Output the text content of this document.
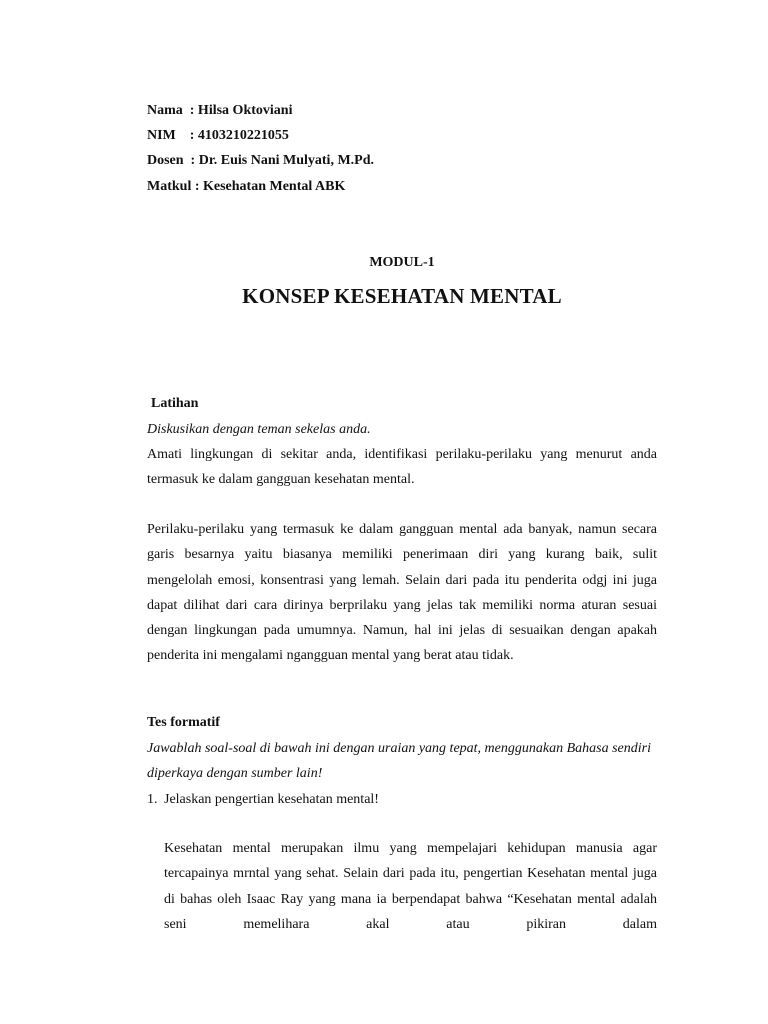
Nama  : Hilsa Oktoviani

NIM    : 4103210221055

Dosen  : Dr. Euis Nani Mulyati, M.Pd.

Matkul : Kesehatan Mental ABK

MODUL-1

KONSEP KESEHATAN MENTAL

Latihan

Diskusikan dengan teman sekelas anda.

Amati lingkungan di sekitar anda, identifikasi perilaku-perilaku yang menurut anda termasuk ke dalam gangguan kesehatan mental.

Perilaku-perilaku yang termasuk ke dalam gangguan mental ada banyak, namun secara garis besarnya yaitu biasanya memiliki penerimaan diri yang kurang baik, sulit mengelolah emosi, konsentrasi yang lemah. Selain dari pada itu penderita odgj ini juga dapat dilihat dari cara dirinya berprilaku yang jelas tak memiliki norma aturan sesuai dengan lingkungan pada umumnya. Namun, hal ini jelas di sesuaikan dengan apakah penderita ini mengalami ngangguan mental yang berat atau tidak.

Tes formatif

Jawablah soal-soal di bawah ini dengan uraian yang tepat, menggunakan Bahasa sendiri diperkaya dengan sumber lain!

1. Jelaskan pengertian kesehatan mental!

Kesehatan mental merupakan ilmu yang mempelajari kehidupan manusia agar tercapainya mrntal yang sehat. Selain dari pada itu, pengertian Kesehatan mental juga di bahas oleh Isaac Ray yang mana ia berpendapat bahwa “Kesehatan mental adalah seni memelihara akal atau pikiran dalam
